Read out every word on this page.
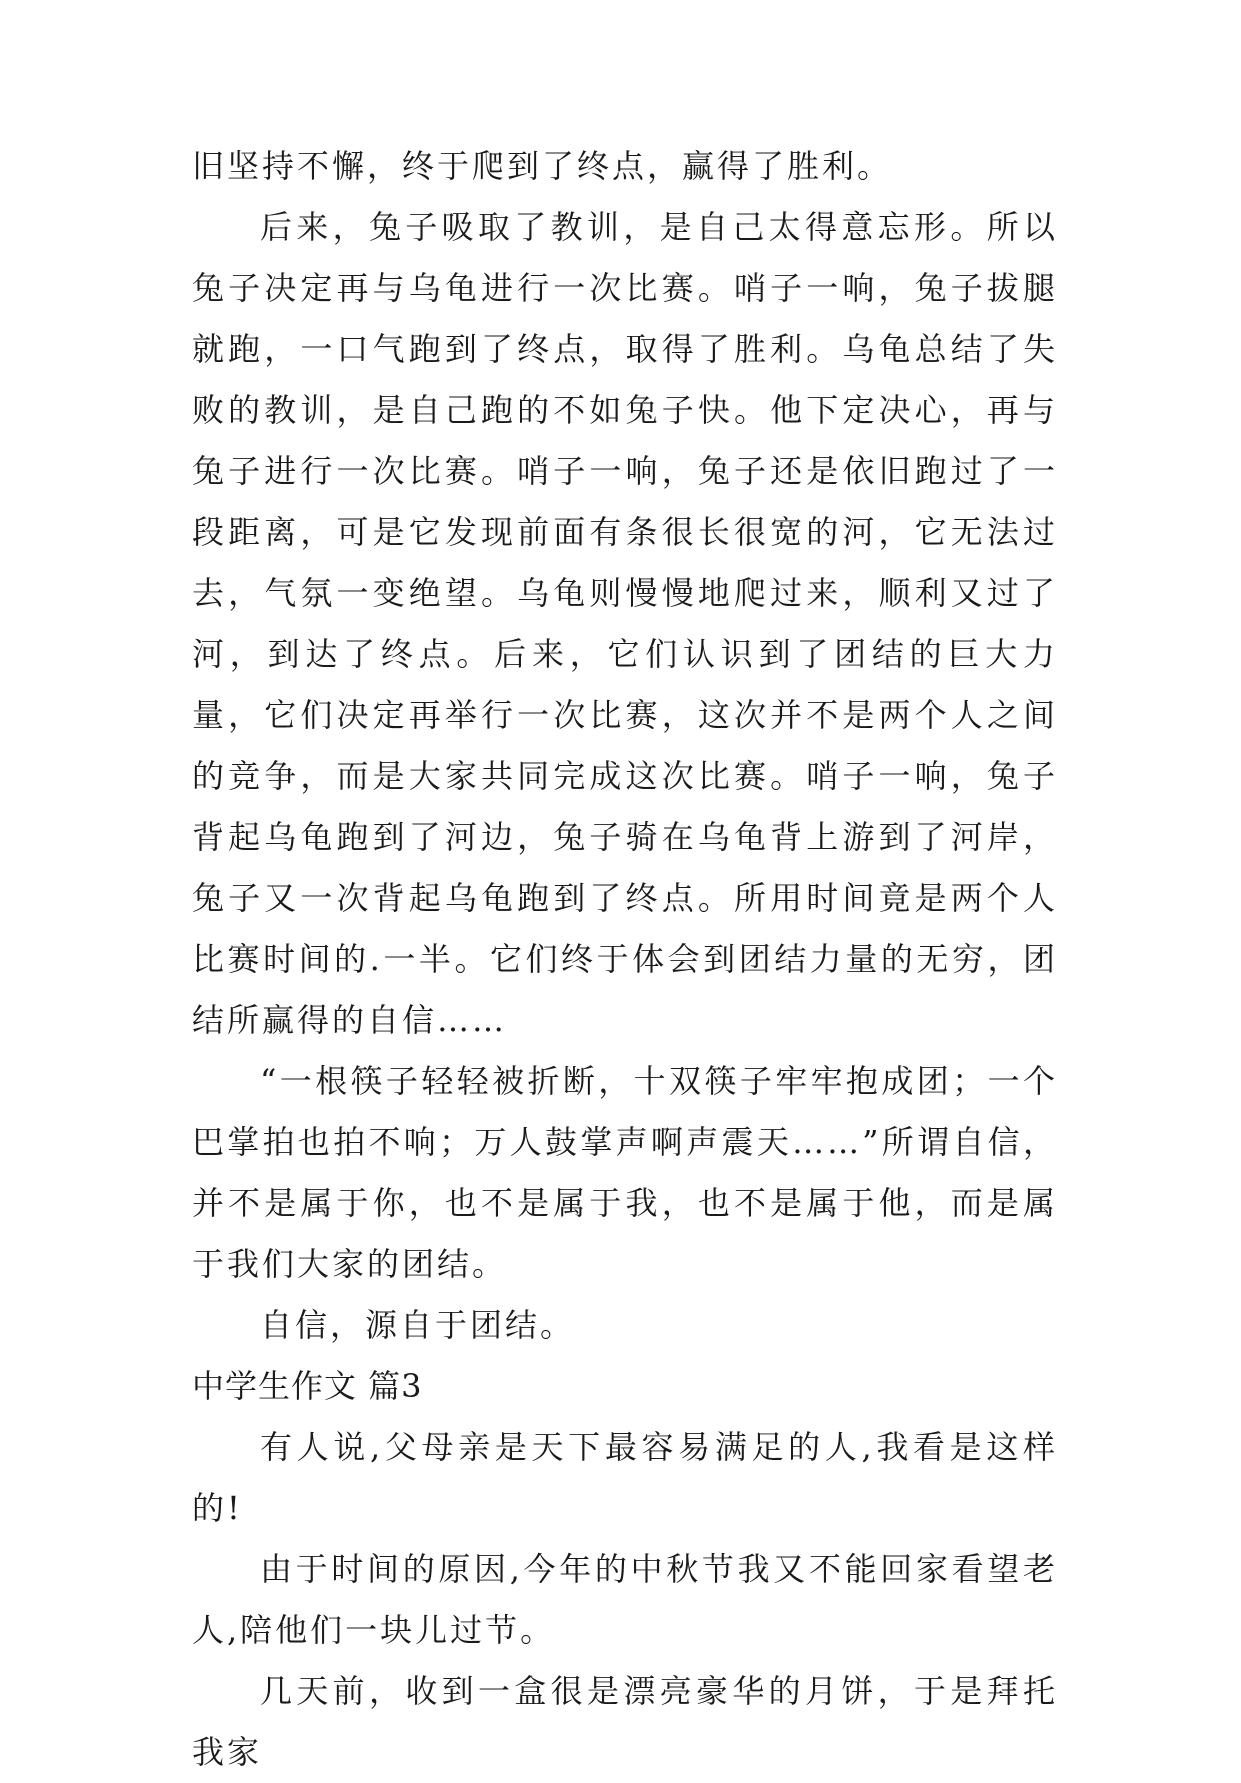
旧坚持不懈，终于爬到了终点，赢得了胜利。

后来，兔子吸取了教训，是自己太得意忘形。所以兔子决定再与乌龟进行一次比赛。哨子一响，兔子拔腿就跑，一口气跑到了终点，取得了胜利。乌龟总结了失败的教训，是自己跑的不如兔子快。他下定决心，再与兔子进行一次比赛。哨子一响，兔子还是依旧跑过了一段距离，可是它发现前面有条很长很宽的河，它无法过去，气氛一变绝望。乌龟则慢慢地爬过来，顺利又过了河，到达了终点。后来，它们认识到了团结的巨大力量，它们决定再举行一次比赛，这次并不是两个人之间的竞争，而是大家共同完成这次比赛。哨子一响，兔子背起乌龟跑到了河边，兔子骑在乌龟背上游到了河岸，兔子又一次背起乌龟跑到了终点。所用时间竟是两个人比赛时间的.一半。它们终于体会到团结力量的无穷，团结所赢得的自信……

“一根筷子轻轻被折断，十双筷子牢牢抱成团；一个巴掌拍也拍不响；万人鼓掌声啊声震天……”所谓自信，并不是属于你，也不是属于我，也不是属于他，而是属于我们大家的团结。

自信，源自于团结。

中学生作文 篇3

有人说,父母亲是天下最容易满足的人,我看是这样的!

由于时间的原因,今年的中秋节我又不能回家看望老人,陪他们一块儿过节。

几天前，收到一盒很是漂亮豪华的月饼，于是拜托我家
